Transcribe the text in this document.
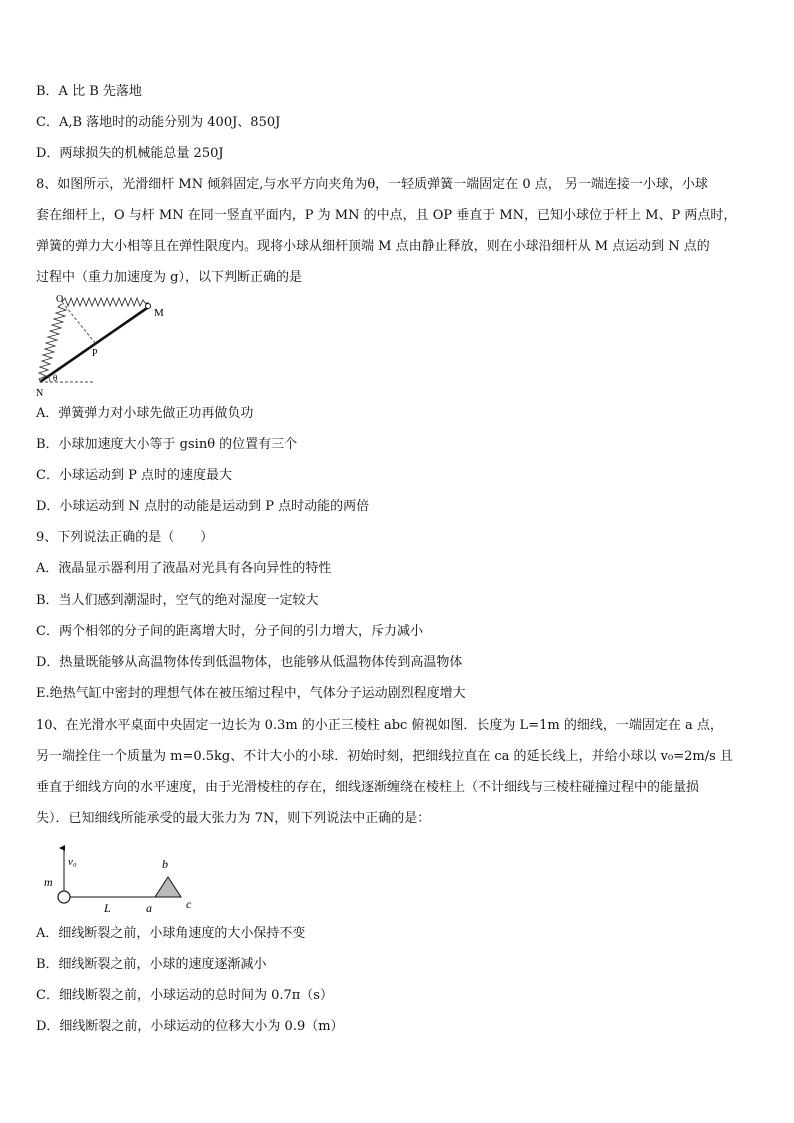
B．A 比 B 先落地
C．A,B 落地时的动能分别为 400J、850J
D．两球损失的机械能总量 250J
8、如图所示，光滑细杆 MN 倾斜固定,与水平方向夹角为θ，一轻质弹簧一端固定在 0 点， 另一端连接一小球，小球
套在细杆上，O 与杆 MN 在同一竖直平面内，P 为 MN 的中点，且 OP 垂直于 MN，已知小球位于杆上 M、P 两点时，
弹簧的弹力大小相等且在弹性限度内。现将小球从细杆顶端 M 点由静止释放，则在小球沿细杆从 M 点运动到 N 点的
过程中（重力加速度为 g），以下判断正确的是
O
M
P
N
θ
A．弹簧弹力对小球先做正功再做负功
B．小球加速度大小等于 gsinθ 的位置有三个
C．小球运动到 P 点时的速度最大
D．小球运动到 N 点肘的动能是运动到 P 点时动能的两倍
9、下列说法正确的是（　　）
A．液晶显示器利用了液晶对光具有各向异性的特性
B．当人们感到潮湿时，空气的绝对湿度一定较大
C．两个相邻的分子间的距离增大时，分子间的引力增大，斥力减小
D．热量既能够从高温物体传到低温物体，也能够从低温物体传到高温物体
E.绝热气缸中密封的理想气体在被压缩过程中，气体分子运动剧烈程度增大
10、在光滑水平桌面中央固定一边长为 0.3m 的小正三棱柱 abc 俯视如图．长度为 L=1m 的细线，一端固定在 a 点，
另一端拴住一个质量为 m=0.5kg、不计大小的小球．初始时刻，把细线拉直在 ca 的延长线上，并给小球以 v₀=2m/s 且
垂直于细线方向的水平速度，由于光滑棱柱的存在，细线逐渐缠绕在棱柱上（不计细线与三棱柱碰撞过程中的能量损
失）．已知细线所能承受的最大张力为 7N，则下列说法中正确的是：
v₀
m
L	a
b
c
A．细线断裂之前，小球角速度的大小保持不变
B．细线断裂之前，小球的速度逐渐减小
C．细线断裂之前，小球运动的总时间为 0.7π（s）
D．细线断裂之前，小球运动的位移大小为 0.9（m）
